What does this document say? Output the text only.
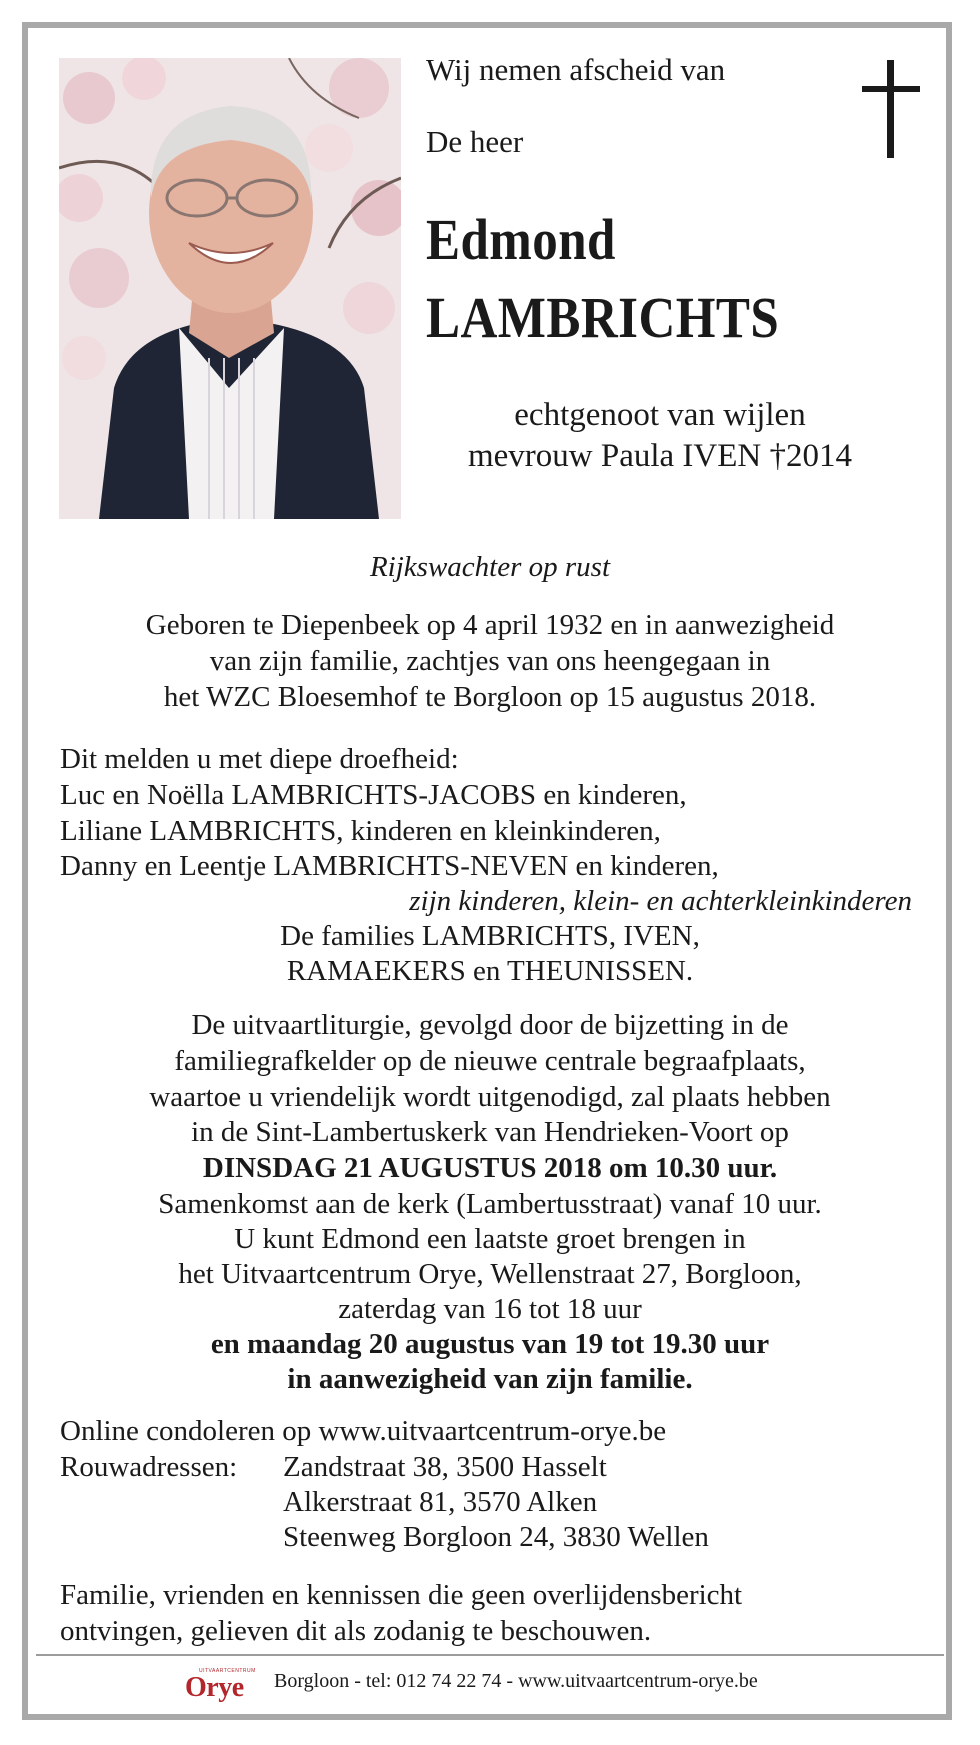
Wij nemen afscheid van

De heer

Edmond

LAMBRICHTS

echtgenoot van wijlen
mevrouw Paula IVEN †2014
Rijkswachter op rust
Geboren te Diepenbeek op 4 april 1932 en in aanwezigheid
van zijn familie, zachtjes van ons heengegaan in
het WZC Bloesemhof te Borgloon op 15 augustus 2018.
Dit melden u met diepe droefheid:
Luc en Noëlla LAMBRICHTS-JACOBS en kinderen,
Liliane LAMBRICHTS, kinderen en kleinkinderen,
Danny en Leentje LAMBRICHTS-NEVEN en kinderen,
zijn kinderen, klein- en achterkleinkinderen
De families LAMBRICHTS, IVEN,
RAMAEKERS en THEUNISSEN.
De uitvaartliturgie, gevolgd door de bijzetting in de
familiegrafkelder op de nieuwe centrale begraafplaats,
waartoe u vriendelijk wordt uitgenodigd, zal plaats hebben
in de Sint-Lambertuskerk van Hendrieken-Voort op
DINSDAG 21 AUGUSTUS 2018 om 10.30 uur.
Samenkomst aan de kerk (Lambertusstraat) vanaf 10 uur.
U kunt Edmond een laatste groet brengen in
het Uitvaartcentrum Orye, Wellenstraat 27, Borgloon,
zaterdag van 16 tot 18 uur
en maandag 20 augustus van 19 tot 19.30 uur
in aanwezigheid van zijn familie.
Online condoleren op www.uitvaartcentrum-orye.be
Rouwadressen: Zandstraat 38, 3500 Hasselt
Alkerstraat 81, 3570 Alken
Steenweg Borgloon 24, 3830 Wellen
Familie, vrienden en kennissen die geen overlijdensbericht
ontvingen, gelieven dit als zodanig te beschouwen.
UITVAARTCENTRUM
Orye Borgloon - tel: 012 74 22 74 - www.uitvaartcentrum-orye.be
